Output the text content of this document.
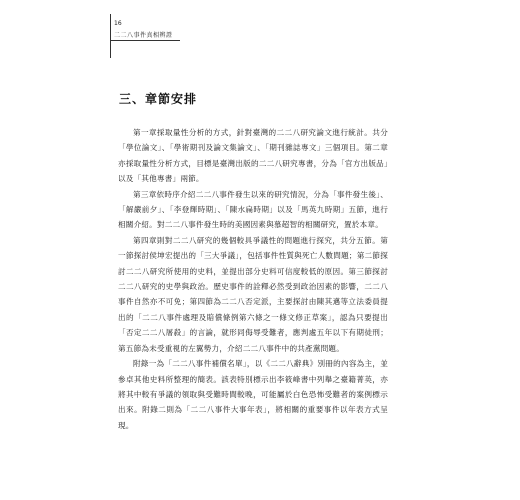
16
二二八事件真相辨證
三、章節安排

第一章採取量性分析的方式，針對臺灣的二二八研究論文進行統計。共分「學位論文」、「學術期刊及論文集論文」、「期刊雜誌專文」三個項目。第二章亦採取量性分析方式，目標是臺灣出版的二二八研究專書，分為「官方出版品」以及「其他專書」兩節。

第三章依時序介紹二二八事件發生以來的研究情況，分為「事件發生後」、「解嚴前夕」、「李登輝時期」、「陳水扁時期」以及「馬英九時期」五節，進行相關介紹。對二二八事件發生時的美國因素與慕超智的相關研究，置於本章。

第四章則對二二八研究的幾個較具爭議性的問題進行探究，共分五節。第一節探討侯坤宏提出的「三大爭議」，包括事件性質與死亡人數問題；第二節探討二二八研究所使用的史料，並提出部分史料可信度較低的原因。第三節探討二二八研究的史學與政治。歷史事件的詮釋必然受到政治因素的影響，二二八事件自然亦不可免；第四節為二二八否定派，主要探討由陳其邁等立法委員提出的「二二八事件處理及賠償條例第六條之一條文修正草案」，認為只要提出「否定二二八屠殺」的言論，就形同侮辱受難者，應判處五年以下有期徒刑；第五節為未受重視的左翼勢力，介紹二二八事件中的共產黨問題。

附錄一為「二二八事件補償名單」，以《二二八辭典》別冊的內容為主，並參卓其他史料所整理的簡表。該表特別標示出李筱峰書中列舉之臺籍菁英，亦將其中較有爭議的領取與受難時間較晚，可能屬於白色恐怖受難者的案例標示出來。附錄二則為「二二八事件大事年表」，將相關的重要事件以年表方式呈現。
